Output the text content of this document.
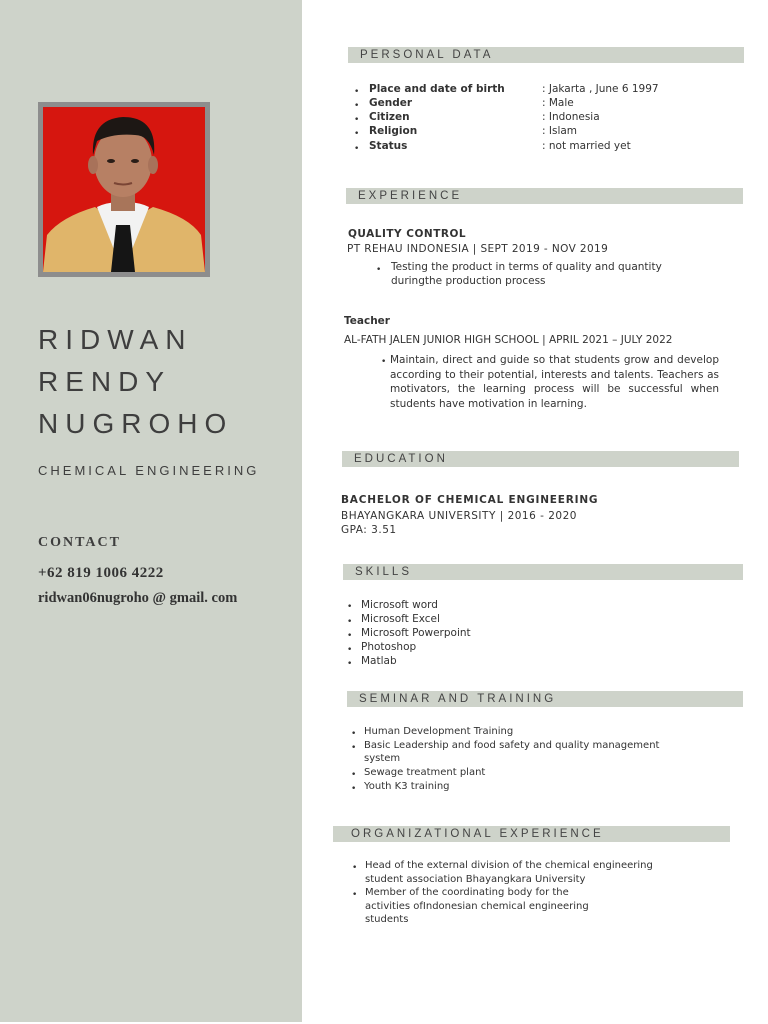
RIDWAN
RENDY
NUGROHO
CHEMICAL ENGINEERING
CONTACT
+62 819 1006 4222
ridwan06nugroho @ gmail. com
PERSONAL DATA
• Place and date of birth	: Jakarta , June 6 1997
• Gender	: Male
• Citizen	: Indonesia
• Religion	: Islam
• Status	: not married yet
EXPERIENCE
QUALITY CONTROL
PT REHAU INDONESIA | SEPT 2019 - NOV 2019
• Testing the product in terms of quality and quantity
duringthe production process
Teacher
AL-FATH JALEN JUNIOR HIGH SCHOOL | APRIL 2021 – JULY 2022
• Maintain, direct and guide so that students grow and develop according to their potential, interests and talents. Teachers as motivators, the learning process will be successful when students have motivation in learning.
EDUCATION
BACHELOR OF CHEMICAL ENGINEERING
BHAYANGKARA UNIVERSITY | 2016 - 2020
GPA: 3.51
SKILLS
• Microsoft word
• Microsoft Excel
• Microsoft Powerpoint
• Photoshop
• Matlab
SEMINAR AND TRAINING
• Human Development Training
• Basic Leadership and food safety and quality management
system
• Sewage treatment plant
• Youth K3 training
ORGANIZATIONAL EXPERIENCE
• Head of the external division of the chemical engineering
student association Bhayangkara University
• Member of the coordinating body for the
activities ofIndonesian chemical engineering
students
